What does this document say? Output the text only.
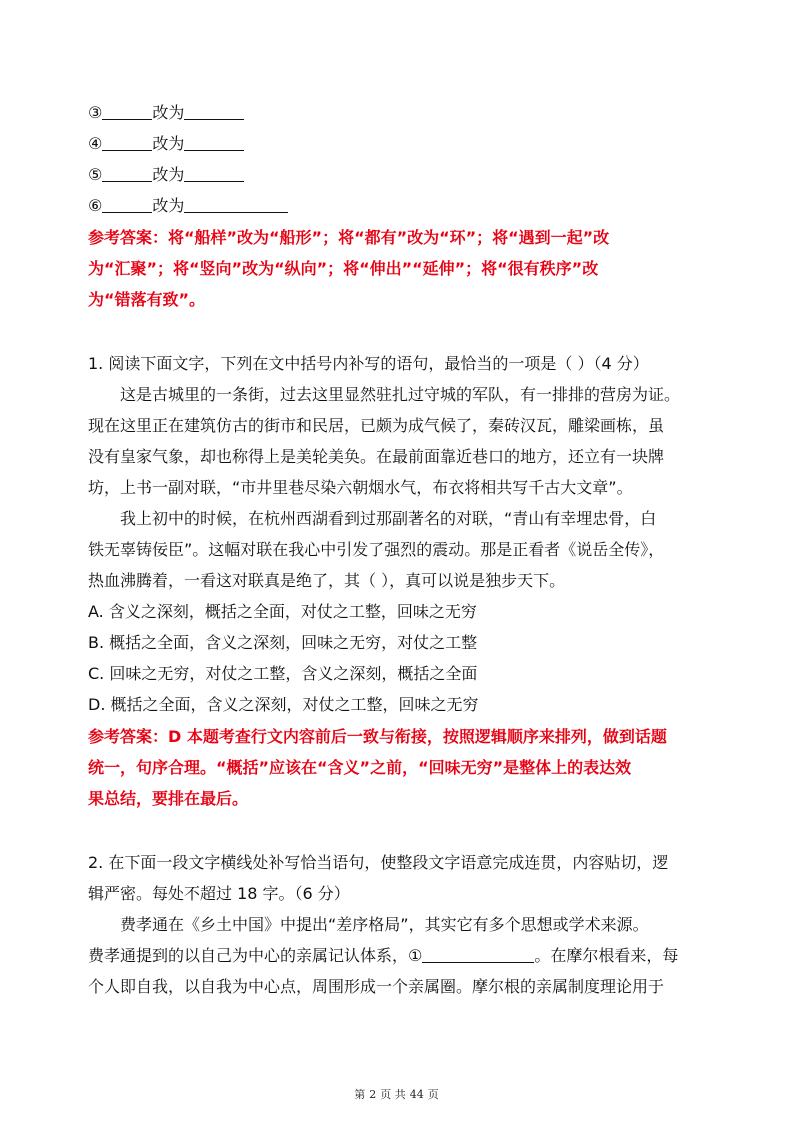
③	改为
④	改为
⑤	改为
⑥	改为
参考答案：将“船样”改为“船形”；将“都有”改为“环”；将“遇到一起”改
为“汇聚”；将“竖向”改为“纵向”；将“伸出”“延伸”；将“很有秩序”改
为“错落有致”。
1. 阅读下面文字，下列在文中括号内补写的语句，最恰当的一项是（ ）（4 分）
这是古城里的一条街，过去这里显然驻扎过守城的军队，有一排排的营房为证。
现在这里正在建筑仿古的街市和民居，已颇为成气候了，秦砖汉瓦，雕梁画栋，虽
没有皇家气象，却也称得上是美轮美奂。在最前面靠近巷口的地方，还立有一块牌
坊，上书一副对联，“市井里巷尽染六朝烟水气，布衣将相共写千古大文章”。
我上初中的时候，在杭州西湖看到过那副著名的对联，“青山有幸埋忠骨，白
铁无辜铸佞臣”。这幅对联在我心中引发了强烈的震动。那是正看者《说岳全传》，
热血沸腾着，一看这对联真是绝了，其（ ），真可以说是独步天下。
A. 含义之深刻，概括之全面，对仗之工整，回味之无穷
B. 概括之全面，含义之深刻，回味之无穷，对仗之工整
C. 回味之无穷，对仗之工整，含义之深刻，概括之全面
D. 概括之全面，含义之深刻，对仗之工整，回味之无穷
参考答案：D 本题考查行文内容前后一致与衔接，按照逻辑顺序来排列，做到话题
统一，句序合理。“概括”应该在“含义”之前，“回味无穷”是整体上的表达效
果总结，要排在最后。
2. 在下面一段文字横线处补写恰当语句，使整段文字语意完成连贯，内容贴切，逻
辑严密。每处不超过 18 字。（6 分）
费孝通在《乡土中国》中提出“差序格局”，其实它有多个思想或学术来源。
费孝通提到的以自己为中心的亲属记认体系，①	。在摩尔根看来，每
个人即自我，以自我为中心点，周围形成一个亲属圈。摩尔根的亲属制度理论用于
第 2 页 共 44 页
